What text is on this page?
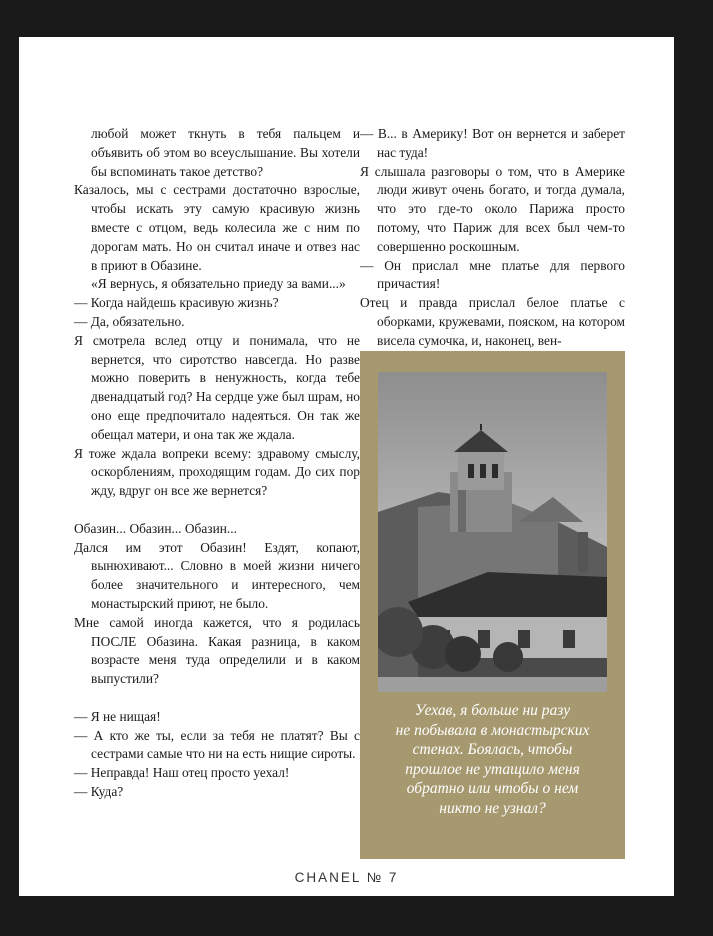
любой может ткнуть в тебя пальцем и объявить об этом во всеуслышание. Вы хотели бы вспоминать такое детство?

Казалось, мы с сестрами достаточно взрослые, чтобы искать эту самую красивую жизнь вместе с отцом, ведь колесила же с ним по дорогам мать. Но он считал иначе и отвез нас в приют в Обазине.

«Я вернусь, я обязательно приеду за вами...»

— Когда найдешь красивую жизнь?

— Да, обязательно.

Я смотрела вслед отцу и понимала, что не вернется, что сиротство навсегда. Но разве можно поверить в ненужность, когда тебе двенадцатый год? На сердце уже был шрам, но оно еще предпочитало надеяться. Он так же обещал матери, и она так же ждала.

Я тоже ждала вопреки всему: здравому смыслу, оскорблениям, проходящим годам. До сих пор жду, вдруг он все же вернется?

Обазин... Обазин... Обазин...

Дался им этот Обазин! Ездят, копают, вынюхивают... Словно в моей жизни ничего более значительного и интересного, чем монастырский приют, не было.

Мне самой иногда кажется, что я родилась ПОСЛЕ Обазина. Какая разница, в каком возрасте меня туда определили и в каком выпустили?

— Я не нищая!

— А кто же ты, если за тебя не платят? Вы с сестрами самые что ни на есть нищие сироты.

— Неправда! Наш отец просто уехал!

— Куда?

— В... в Америку! Вот он вернется и заберет нас туда!

Я слышала разговоры о том, что в Америке люди живут очень богато, и тогда думала, что это где-то около Парижа просто потому, что Париж для всех был чем-то совершенно роскошным.

— Он прислал мне платье для первого причастия!

Отец и правда прислал белое платье с оборками, кружевами, пояском, на котором висела сумочка, и, наконец, вен-

Уехав, я больше ни разу
не побывала в монастырских
стенах. Боялась, чтобы
прошлое не утащило меня
обратно или чтобы о нем
никто не узнал?
CHANEL № 7
